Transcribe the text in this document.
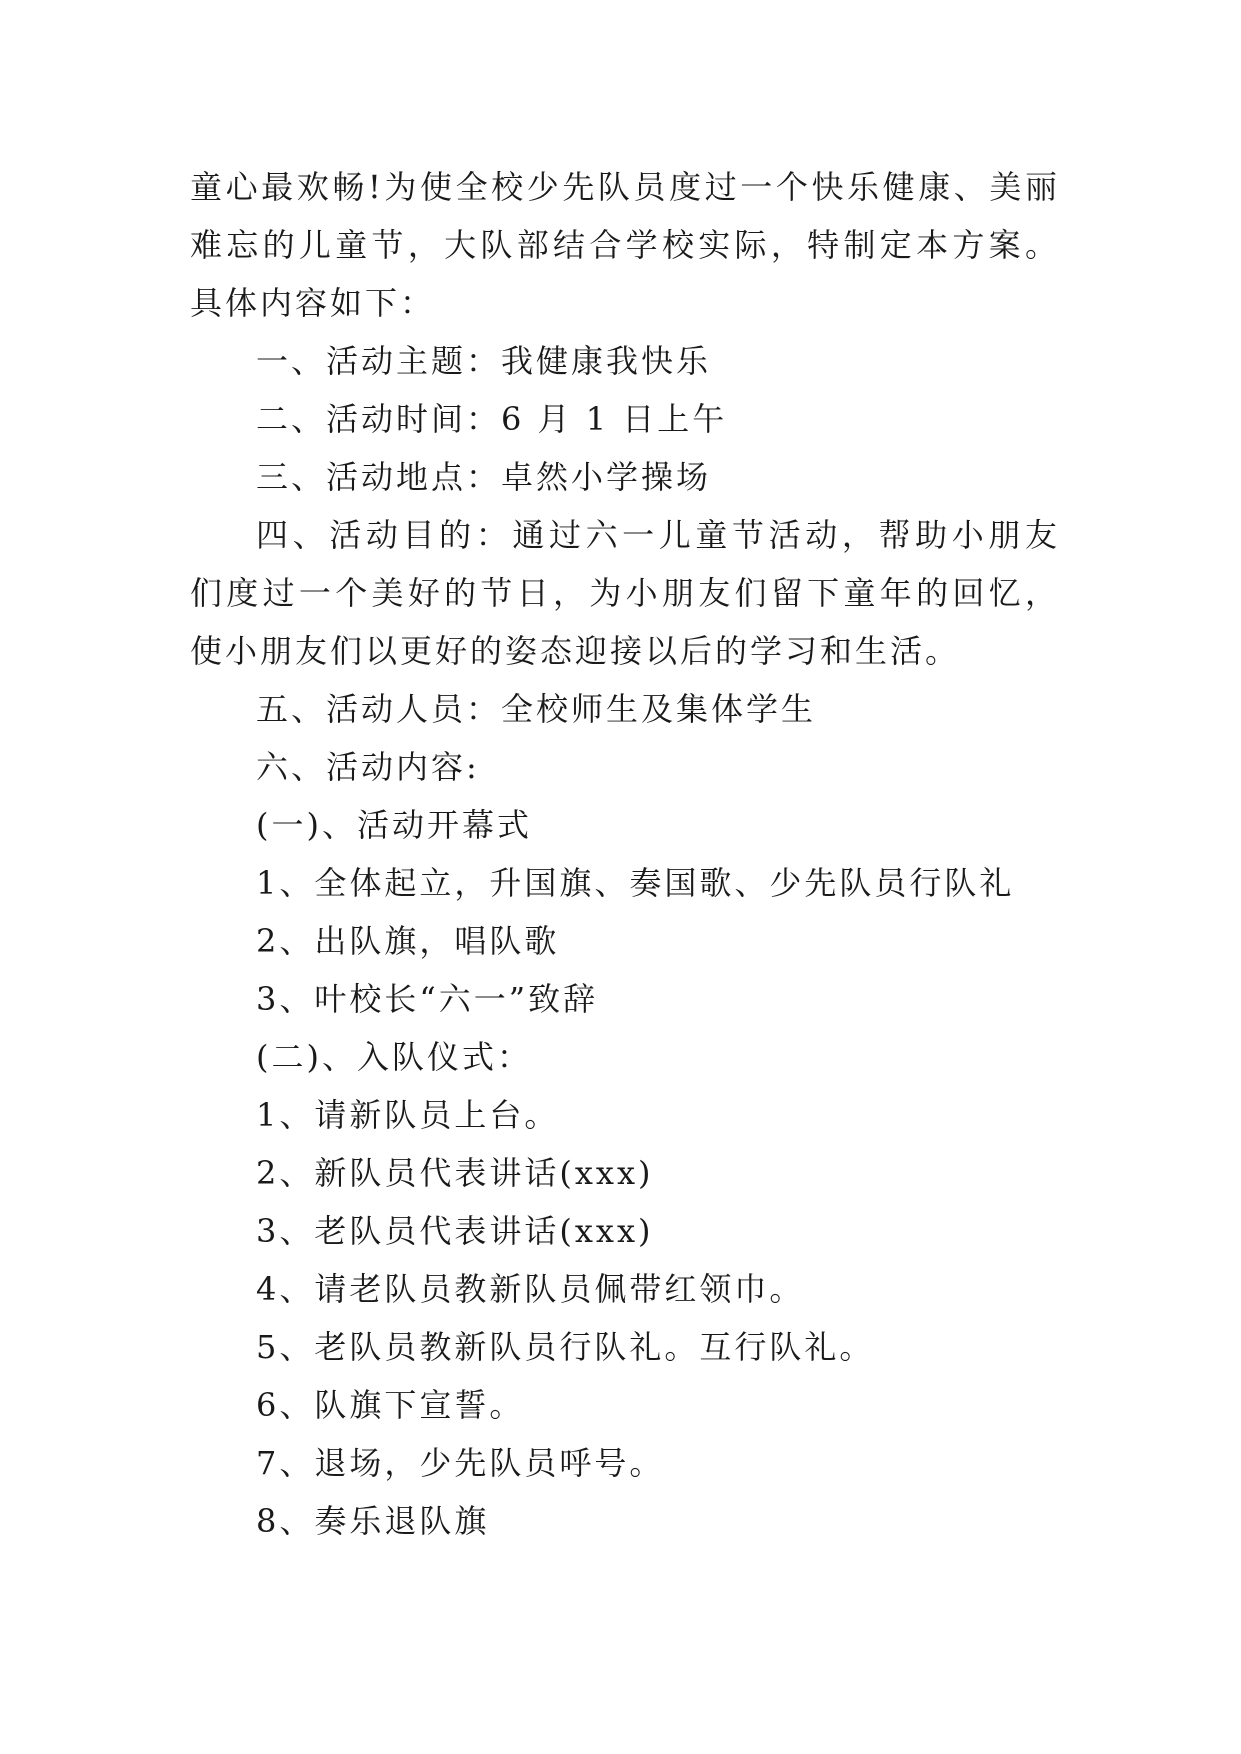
童心最欢畅!为使全校少先队员度过一个快乐健康、美丽难忘的儿童节，大队部结合学校实际，特制定本方案。具体内容如下：

一、活动主题：我健康我快乐

二、活动时间：6 月 1 日上午

三、活动地点：卓然小学操场

四、活动目的：通过六一儿童节活动，帮助小朋友们度过一个美好的节日，为小朋友们留下童年的回忆，使小朋友们以更好的姿态迎接以后的学习和生活。

五、活动人员：全校师生及集体学生

六、活动内容:

(一)、活动开幕式

1、全体起立，升国旗、奏国歌、少先队员行队礼

2、出队旗，唱队歌

3、叶校长“六一”致辞

(二)、入队仪式：

1、请新队员上台。

2、新队员代表讲话(xxx)

3、老队员代表讲话(xxx)

4、请老队员教新队员佩带红领巾。

5、老队员教新队员行队礼。互行队礼。

6、队旗下宣誓。

7、退场，少先队员呼号。

8、奏乐退队旗
